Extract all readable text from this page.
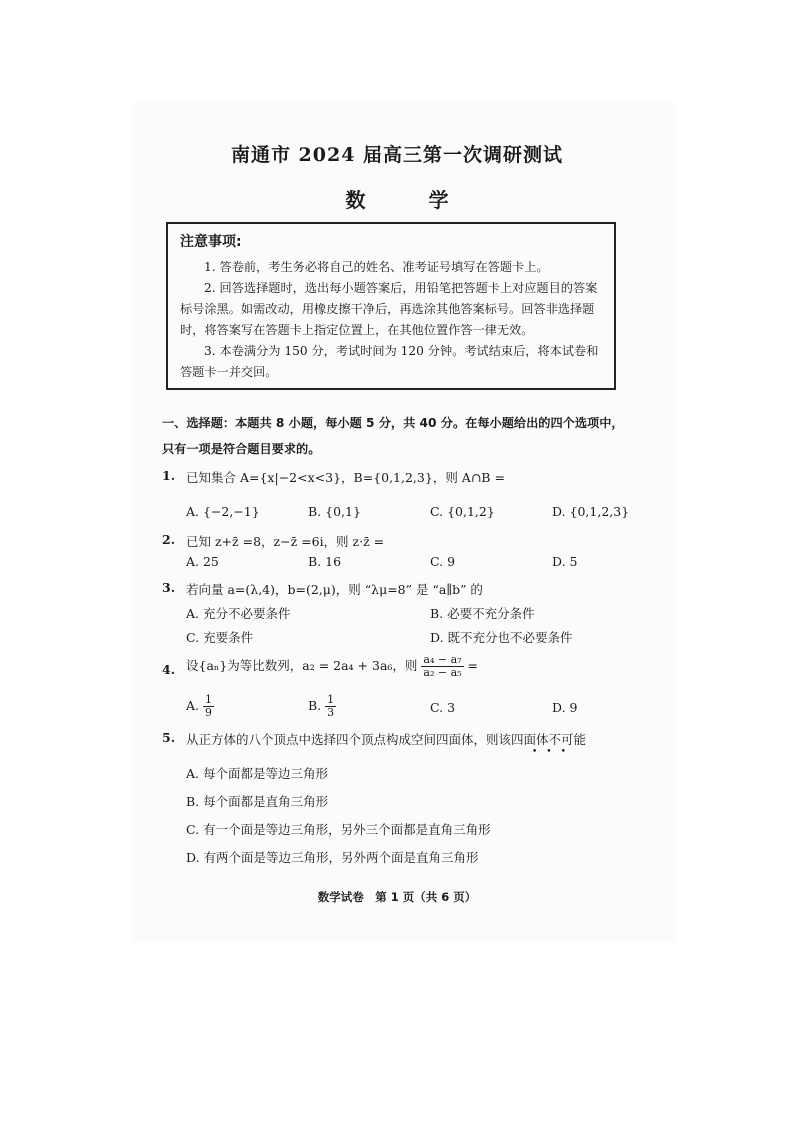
南通市 2024 届高三第一次调研测试
数 学
注意事项:

1. 答卷前，考生务必将自己的姓名、准考证号填写在答题卡上。

2. 回答选择题时，选出每小题答案后，用铅笔把答题卡上对应题目的答案标号涂黑。如需改动，用橡皮擦干净后，再选涂其他答案标号。回答非选择题时，将答案写在答题卡上指定位置上，在其他位置作答一律无效。

3. 本卷满分为 150 分，考试时间为 120 分钟。考试结束后，将本试卷和答题卡一并交回。

一、选择题：本题共 8 小题，每小题 5 分，共 40 分。在每小题给出的四个选项中，只有一项是符合题目要求的。
1. 已知集合 A={x|−2<x<3}，B={0,1,2,3}，则 A∩B =
A. {−2,−1}	B. {0,1}	C. {0,1,2}	D. {0,1,2,3}
2. 已知 z+z̄ =8，z−z̄ =6i，则 z·z̄ =
A. 25	B. 16	C. 9	D. 5
3. 若向量 a=(λ,4)，b=(2,μ)，则 “λμ=8” 是 “a∥b” 的
A. 充分不必要条件	B. 必要不充分条件
C. 充要条件	D. 既不充分也不必要条件
4. 设{aₙ}为等比数列，a₂ = 2a₄ + 3a₆，则 $\frac{\text{a₄ − a₇}}{\text{a₂ − a₅}}$ =
A. $\frac{1}{9}$	B. $\frac{1}{3}$	C. 3	D. 9
5. 从正方体的八个顶点中选择四个顶点构成空间四面体，则该四面体不可能
•••
A. 每个面都是等边三角形
B. 每个面都是直角三角形
C. 有一个面是等边三角形，另外三个面都是直角三角形
D. 有两个面是等边三角形，另外两个面是直角三角形
数学试卷　第 1 页（共 6 页）
